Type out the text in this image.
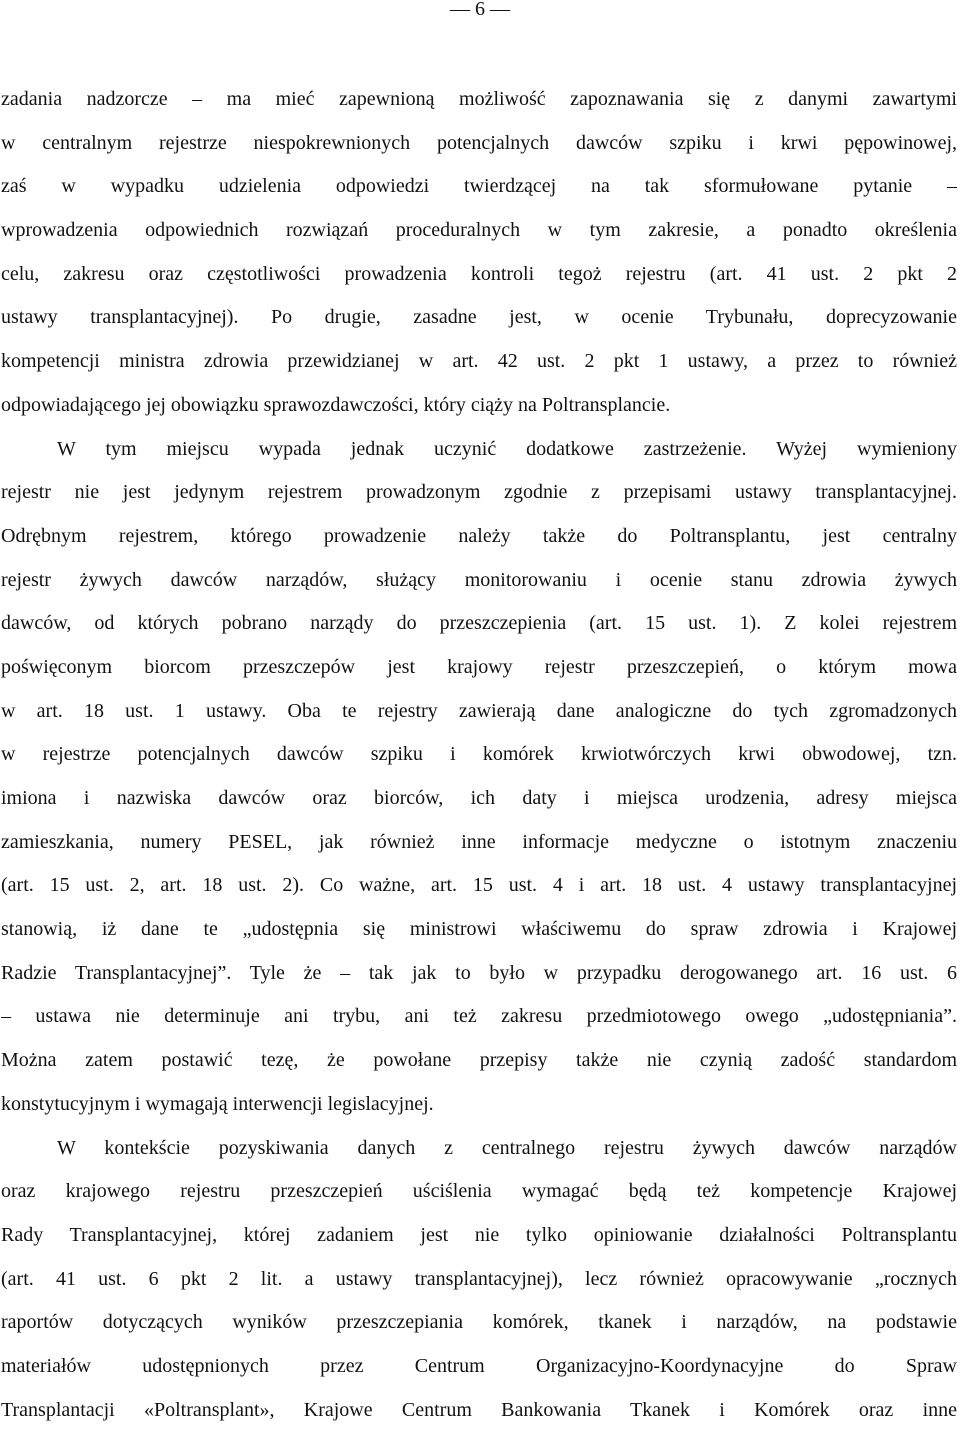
— 6 —
zadania nadzorcze – ma mieć zapewnioną możliwość zapoznawania się z danymi zawartymi
w centralnym rejestrze niespokrewnionych potencjalnych dawców szpiku i krwi pępowinowej,
zaś w wypadku udzielenia odpowiedzi twierdzącej na tak sformułowane pytanie –
wprowadzenia odpowiednich rozwiązań proceduralnych w tym zakresie, a ponadto określenia
celu, zakresu oraz częstotliwości prowadzenia kontroli tegoż rejestru (art. 41 ust. 2 pkt 2
ustawy transplantacyjnej). Po drugie, zasadne jest, w ocenie Trybunału, doprecyzowanie
kompetencji ministra zdrowia przewidzianej w art. 42 ust. 2 pkt 1 ustawy, a przez to również
odpowiadającego jej obowiązku sprawozdawczości, który ciąży na Poltransplancie.
W tym miejscu wypada jednak uczynić dodatkowe zastrzeżenie. Wyżej wymieniony
rejestr nie jest jedynym rejestrem prowadzonym zgodnie z przepisami ustawy transplantacyjnej.
Odrębnym rejestrem, którego prowadzenie należy także do Poltransplantu, jest centralny
rejestr żywych dawców narządów, służący monitorowaniu i ocenie stanu zdrowia żywych
dawców, od których pobrano narządy do przeszczepienia (art. 15 ust. 1). Z kolei rejestrem
poświęconym biorcom przeszczepów jest krajowy rejestr przeszczepień, o którym mowa
w art. 18 ust. 1 ustawy. Oba te rejestry zawierają dane analogiczne do tych zgromadzonych
w rejestrze potencjalnych dawców szpiku i komórek krwiotwórczych krwi obwodowej, tzn.
imiona i nazwiska dawców oraz biorców, ich daty i miejsca urodzenia, adresy miejsca
zamieszkania, numery PESEL, jak również inne informacje medyczne o istotnym znaczeniu
(art. 15 ust. 2, art. 18 ust. 2). Co ważne, art. 15 ust. 4 i art. 18 ust. 4 ustawy transplantacyjnej
stanowią, iż dane te „udostępnia się ministrowi właściwemu do spraw zdrowia i Krajowej
Radzie Transplantacyjnej”. Tyle że – tak jak to było w przypadku derogowanego art. 16 ust. 6
– ustawa nie determinuje ani trybu, ani też zakresu przedmiotowego owego „udostępniania”.
Można zatem postawić tezę, że powołane przepisy także nie czynią zadość standardom
konstytucyjnym i wymagają interwencji legislacyjnej.
W kontekście pozyskiwania danych z centralnego rejestru żywych dawców narządów
oraz krajowego rejestru przeszczepień uściślenia wymagać będą też kompetencje Krajowej
Rady Transplantacyjnej, której zadaniem jest nie tylko opiniowanie działalności Poltransplantu
(art. 41 ust. 6 pkt 2 lit. a ustawy transplantacyjnej), lecz również opracowywanie „rocznych
raportów dotyczących wyników przeszczepiania komórek, tkanek i narządów, na podstawie
materiałów udostępnionych przez Centrum Organizacyjno-Koordynacyjne do Spraw
Transplantacji «Poltransplant», Krajowe Centrum Bankowania Tkanek i Komórek oraz inne
